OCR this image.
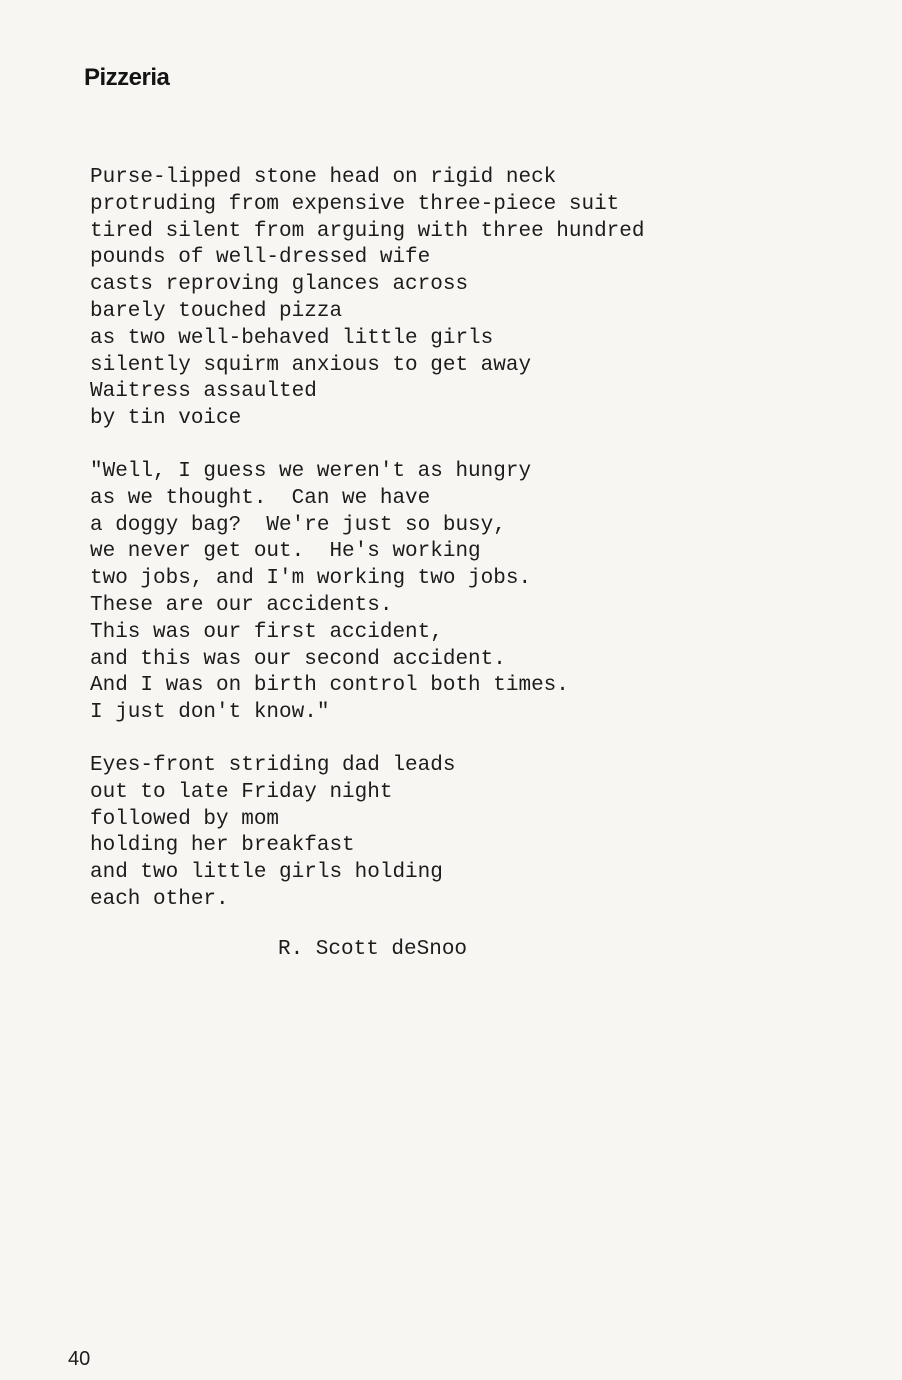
Pizzeria

Purse-lipped stone head on rigid neck
protruding from expensive three-piece suit
tired silent from arguing with three hundred
pounds of well-dressed wife
casts reproving glances across
barely touched pizza
as two well-behaved little girls
silently squirm anxious to get away
Waitress assaulted
by tin voice

"Well, I guess we weren't as hungry
as we thought.  Can we have
a doggy bag?  We're just so busy,
we never get out.  He's working
two jobs, and I'm working two jobs.
These are our accidents.
This was our first accident,
and this was our second accident.
And I was on birth control both times.
I just don't know."

Eyes-front striding dad leads
out to late Friday night
followed by mom
holding her breakfast
and two little girls holding
each other.

R. Scott deSnoo
40
